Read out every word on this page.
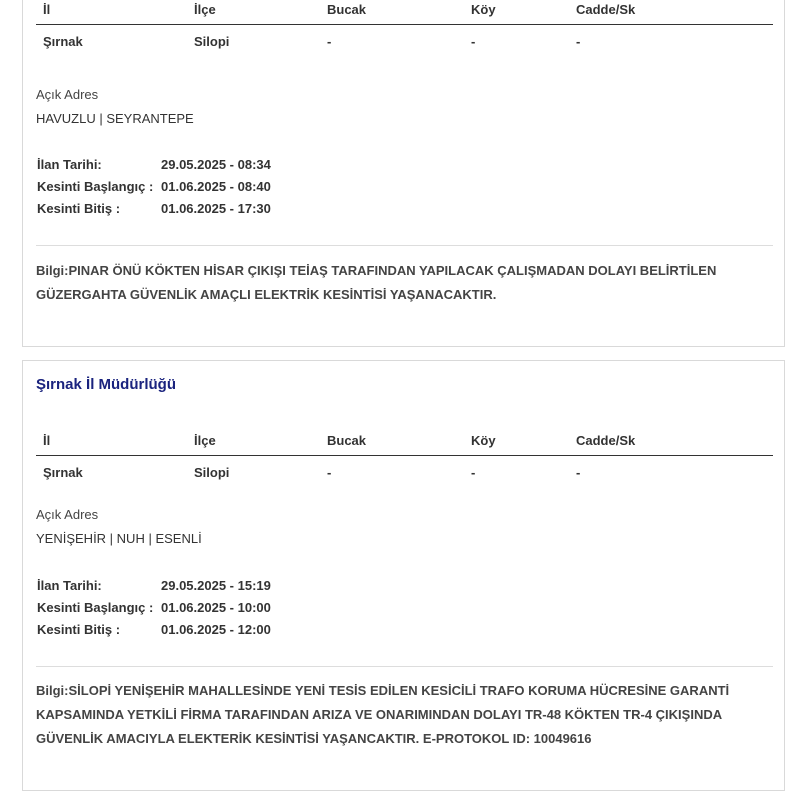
İl	İlçe	Bucak	Köy	Cadde/Sk
Şırnak	Silopi	-	-	-
Açık Adres
HAVUZLU | SEYRANTEPE
İlan Tarihi:	29.05.2025 - 08:34
Kesinti Başlangıç : 01.06.2025 - 08:40
Kesinti Bitiş :	01.06.2025 - 17:30
Bilgi:PINAR ÖNÜ KÖKTEN HİSAR ÇIKIŞI TEİAŞ TARAFINDAN YAPILACAK ÇALIŞMADAN DOLAYI BELİRTİLEN
GÜZERGAHTA GÜVENLİK AMAÇLI ELEKTRİK KESİNTİSİ YAŞANACAKTIR.
Şırnak İl Müdürlüğü
İl	İlçe	Bucak	Köy	Cadde/Sk
Şırnak	Silopi	-	-	-
Açık Adres
YENİŞEHİR | NUH | ESENLİ
İlan Tarihi:	29.05.2025 - 15:19
Kesinti Başlangıç : 01.06.2025 - 10:00
Kesinti Bitiş :	01.06.2025 - 12:00
Bilgi:SİLOPİ YENİŞEHİR MAHALLESİNDE YENİ TESİS EDİLEN KESİCİLİ TRAFO KORUMA HÜCRESİNE GARANTİ
KAPSAMINDA YETKİLİ FİRMA TARAFINDAN ARIZA VE ONARIMINDAN DOLAYI TR-48 KÖKTEN TR-4 ÇIKIŞINDA
GÜVENLİK AMACIYLA ELEKTERİK KESİNTİSİ YAŞANCAKTIR. E-PROTOKOL ID: 10049616
